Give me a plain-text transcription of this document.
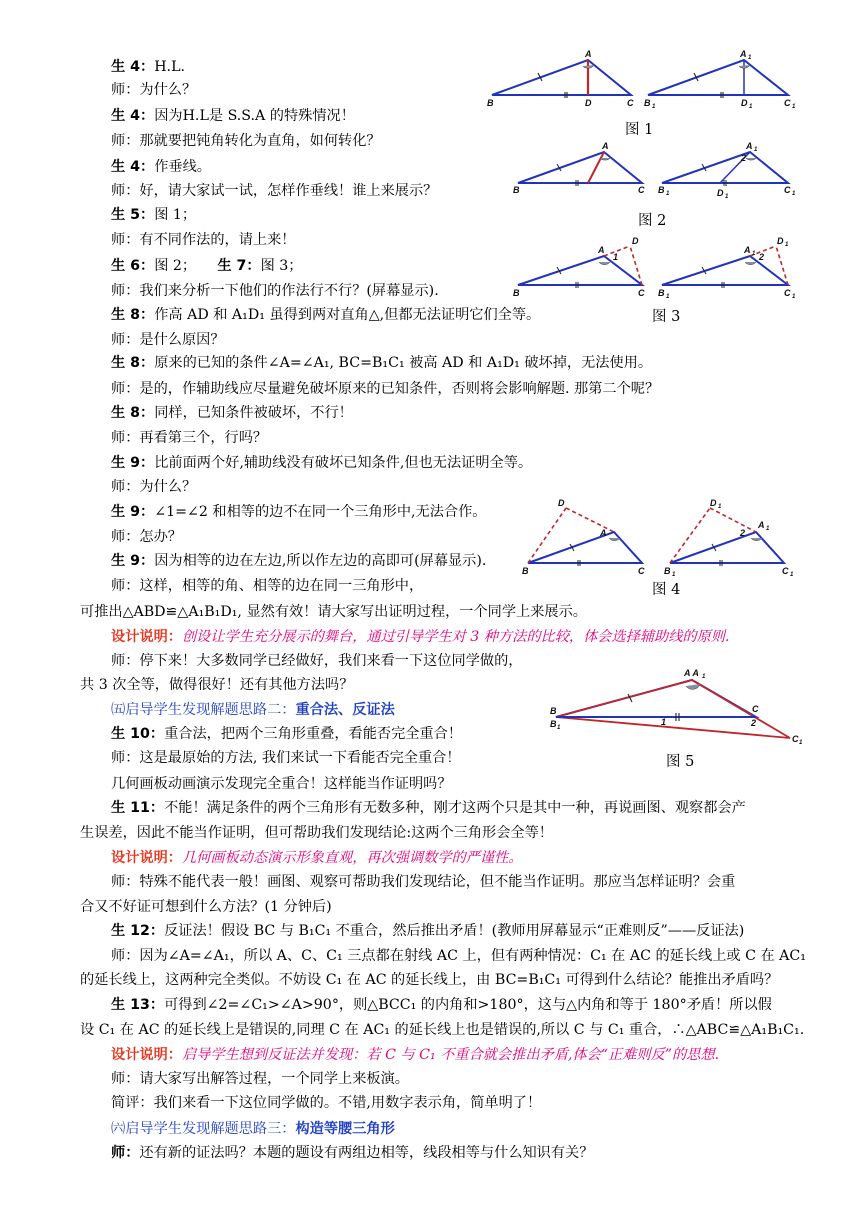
生 4：H.L.
师：为什么？
生 4：因为H.L是 S.S.A 的特殊情况！
师：那就要把钝角转化为直角，如何转化？
生 4：作垂线。
师：好，请大家试一试，怎样作垂线！谁上来展示？
生 5：图 1；
师：有不同作法的，请上来！
生 6：图 2；　　生 7：图 3；
师：我们来分析一下他们的作法行不行？(屏幕显示).
生 8：作高 AD 和 A₁D₁ 虽得到两对直角△,但都无法证明它们全等。
师：是什么原因？
生 8：原来的已知的条件∠A=∠A₁, BC=B₁C₁ 被高 AD 和 A₁D₁ 破坏掉，无法使用。
师：是的，作辅助线应尽量避免破坏原来的已知条件，否则将会影响解题. 那第二个呢？
生 8：同样，已知条件被破坏，不行！
师：再看第三个，行吗？
生 9：比前面两个好,辅助线没有破坏已知条件,但也无法证明全等。
师：为什么？
生 9：∠1=∠2 和相等的边不在同一个三角形中,无法合作。
师：怎办？
生 9：因为相等的边在左边,所以作左边的高即可(屏幕显示).
师：这样，相等的角、相等的边在同一三角形中，
可推出△ABD≌△A₁B₁D₁, 显然有效！请大家写出证明过程，一个同学上来展示。
设计说明：创设让学生充分展示的舞台，通过引导学生对 3 种方法的比较，体会选择辅助线的原则.
师：停下来！大多数同学已经做好，我们来看一下这位同学做的，
共 3 次全等，做得很好！还有其他方法吗？
㈤启导学生发现解题思路二：重合法、反证法
生 10：重合法，把两个三角形重叠，看能否完全重合！
师：这是最原始的方法, 我们来试一下看能否完全重合！
几何画板动画演示发现完全重合！这样能当作证明吗？
生 11：不能！满足条件的两个三角形有无数多种，刚才这两个只是其中一种，再说画图、观察都会产
生误差，因此不能当作证明，但可帮助我们发现结论:这两个三角形会全等！
设计说明：几何画板动态演示形象直观，再次强调数学的严谨性。
师：特殊不能代表一般！画图、观察可帮助我们发现结论，但不能当作证明。那应当怎样证明？会重
合又不好证可想到什么方法？(1 分钟后)
生 12：反证法！假设 BC 与 B₁C₁ 不重合，然后推出矛盾！(教师用屏幕显示“正难则反”——反证法)
师：因为∠A=∠A₁，所以 A、C、C₁ 三点都在射线 AC 上，但有两种情况：C₁ 在 AC 的延长线上或 C 在 AC₁
的延长线上，这两种完全类似。不妨设 C₁ 在 AC 的延长线上，由 BC=B₁C₁ 可得到什么结论？能推出矛盾吗？
生 13：可得到∠2=∠C₁>∠A>90°，则△BCC₁ 的内角和>180°，这与△内角和等于 180°矛盾！所以假
设 C₁ 在 AC 的延长线上是错误的,同理 C 在 AC₁ 的延长线上也是错误的,所以 C 与 C₁ 重合，∴△ABC≌△A₁B₁C₁.
设计说明：启导学生想到反证法并发现：若 C 与 C₁ 不重合就会推出矛盾,体会“正难则反”的思想.
师：请大家写出解答过程，一个同学上来板演。
简评：我们来看一下这位同学做的。不错,用数字表示角，简单明了！
㈥启导学生发现解题思路三：构造等腰三角形
师：还有新的证法吗？本题的题设有两组边相等，线段相等与什么知识有关？
A
B	D	C
A 1
B 1	D 1	C 1
图 1
A
B	C
2
A 1
B 1	D 1
C 1
图 2
1
A
D
B	C
2
A 1
D 1
B 1	C 1
图 3
D
A
B	C
D 1
2
A 1
B 1	C 1
图 4
A A 1
B
B 1
C
C 1
1	2
图 5
